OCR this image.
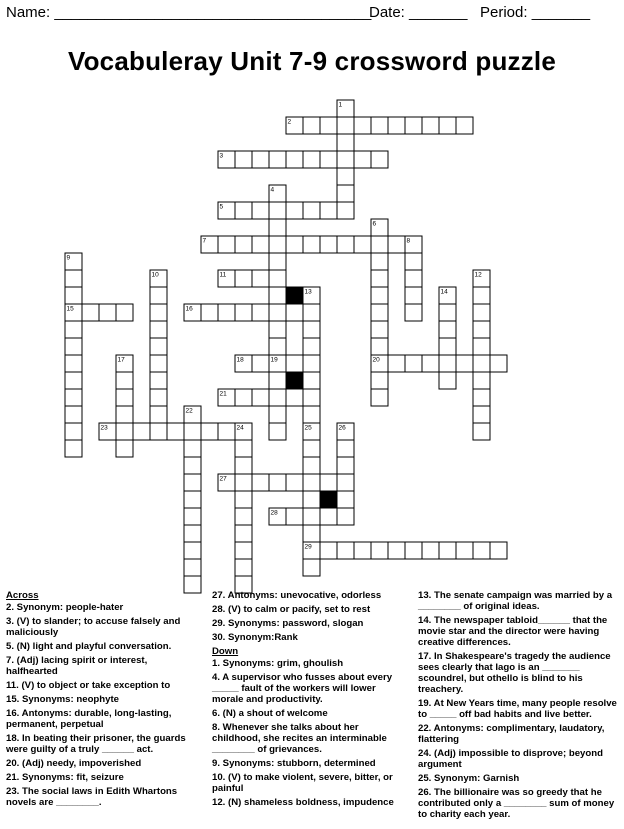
Name: ______________________________________
Date: _______ Period: _______
Vocabuleray Unit 7-9 crossword puzzle
1
2
3
4
5
6
7	8
9
10	11	12
13	14
15	16
17	18	19	20
21
22
23	24	25	26
27
28
29
Across
2. Synonym: people-hater
3. (V) to slander; to accuse falsely and maliciously
5. (N) light and playful conversation.
7. (Adj) lacing spirit or interest, halfhearted
11. (V) to object or take exception to
15. Synonyms: neophyte
16. Antonyms: durable, long-lasting, permanent, perpetual
18. In beating their prisoner, the guards were guilty of a truly ______ act.
20. (Adj) needy, impoverished
21. Synonyms: fit, seizure
23. The social laws in Edith Whartons novels are ________.
27. Antonyms: unevocative, odorless
28. (V) to calm or pacify, set to rest
29. Synonyms: password, slogan
30. Synonym:Rank
Down
1. Synonyms: grim, ghoulish
4. A supervisor who fusses about every _____ fault of the workers will lower morale and productivity.
6. (N) a shout of welcome
8. Whenever she talks about her childhood, she recites an interminable ________ of grievances.
9. Synonyms: stubborn, determined
10. (V) to make violent, severe, bitter, or painful
12. (N) shameless boldness, impudence
13. The senate campaign was married by a ________ of original ideas.
14. The newspaper tabloid______ that the movie star and the director were having creative differences.
17. In Shakespeare's tragedy the audience sees clearly that Iago is an _______ scoundrel, but othello is blind to his treachery.
19. At New Years time, many people resolve to _____ off bad habits and live better.
22. Antonyms: complimentary, laudatory, flattering
24. (Adj) impossible to disprove; beyond argument
25. Synonym: Garnish
26. The billionaire was so greedy that he contributed only a ________ sum of money to charity each year.
